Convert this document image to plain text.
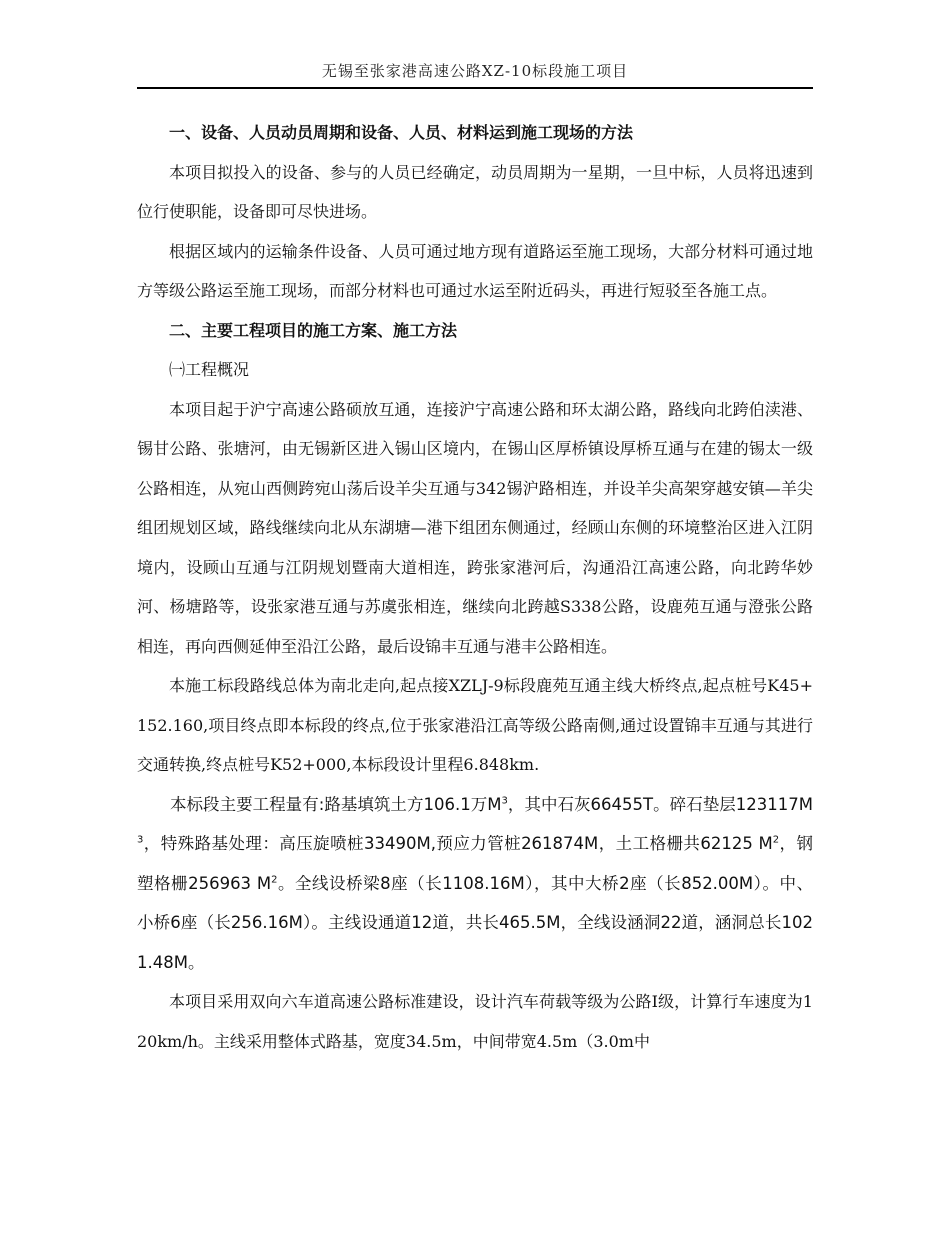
无锡至张家港高速公路XZ-10标段施工项目

一、设备、人员动员周期和设备、人员、材料运到施工现场的方法

本项目拟投入的设备、参与的人员已经确定，动员周期为一星期，一旦中标，人员将迅速到位行使职能，设备即可尽快进场。

根据区域内的运输条件设备、人员可通过地方现有道路运至施工现场，大部分材料可通过地方等级公路运至施工现场，而部分材料也可通过水运至附近码头，再进行短驳至各施工点。

二、主要工程项目的施工方案、施工方法

㈠工程概况

本项目起于沪宁高速公路硕放互通，连接沪宁高速公路和环太湖公路，路线向北跨伯渎港、锡甘公路、张塘河，由无锡新区进入锡山区境内，在锡山区厚桥镇设厚桥互通与在建的锡太一级公路相连，从宛山西侧跨宛山荡后设羊尖互通与342锡沪路相连，并设羊尖高架穿越安镇—羊尖组团规划区域，路线继续向北从东湖塘—港下组团东侧通过，经顾山东侧的环境整治区进入江阴境内，设顾山互通与江阴规划暨南大道相连，跨张家港河后，沟通沿江高速公路，向北跨华妙河、杨塘路等，设张家港互通与苏虞张相连，继续向北跨越S338公路，设鹿苑互通与澄张公路相连，再向西侧延伸至沿江公路，最后设锦丰互通与港丰公路相连。

本施工标段路线总体为南北走向,起点接XZLJ-9标段鹿苑互通主线大桥终点,起点桩号K45+152.160,项目终点即本标段的终点,位于张家港沿江高等级公路南侧,通过设置锦丰互通与其进行交通转换,终点桩号K52+000,本标段设计里程6.848km.

本标段主要工程量有:路基填筑土方106.1万$M^3$，其中石灰66455T。碎石垫层$123117M^3$，特殊路基处理：高压旋喷桩33490M,预应力管桩261874M，土工格栅共62125 $M^2$，钢塑格栅256963 $M^2$。全线设桥梁8座（长1108.16M），其中大桥2座（长852.00M）。中、小桥6座（长256.16M）。主线设通道12道，共长465.5M，全线设涵洞22道，涵洞总长1021.48M。

本项目采用双向六车道高速公路标准建设，设计汽车荷载等级为公路Ⅰ级，计算行车速度为120km/h。主线采用整体式路基，宽度34.5m，中间带宽4.5m（3.0m中
